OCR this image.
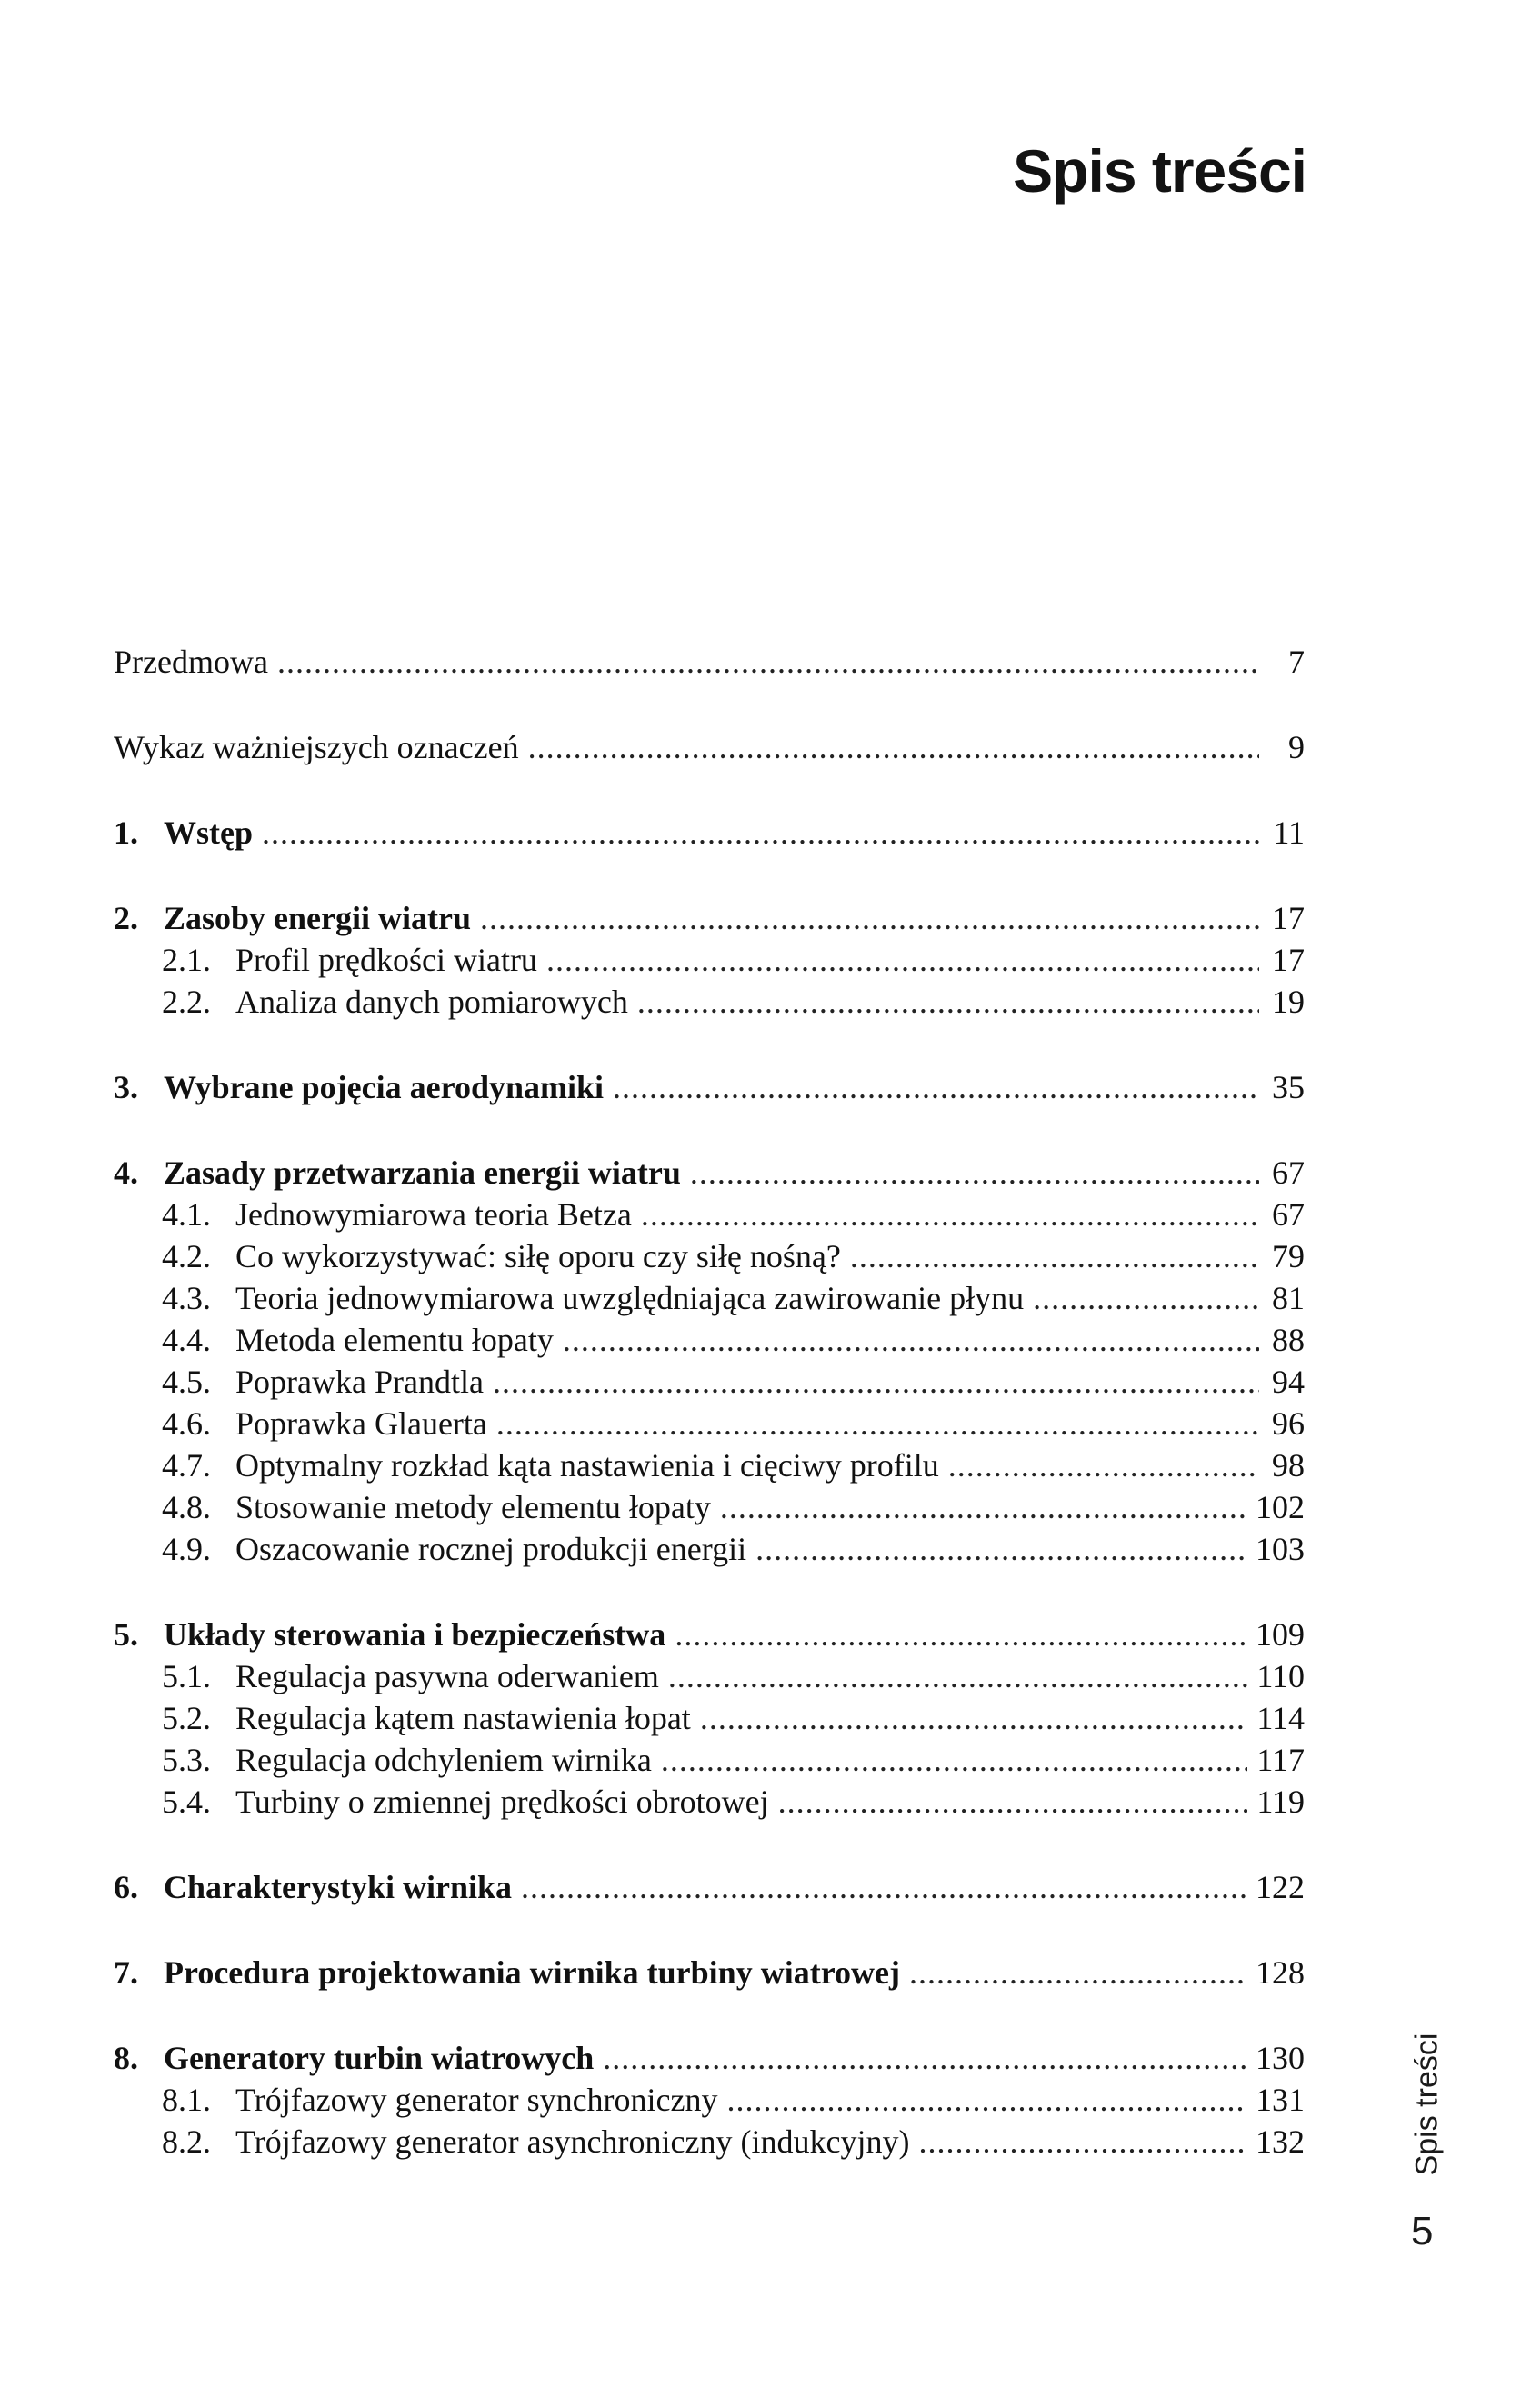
Spis treści
Przedmowa .....	7
Wykaz ważniejszych oznaczeń .....	9
1. Wstęp .....	11
2. Zasoby energii wiatru .....	17
2.1. Profil prędkości wiatru .....	17
2.2. Analiza danych pomiarowych .....	19
3. Wybrane pojęcia aerodynamiki .....	35
4. Zasady przetwarzania energii wiatru .....	67
4.1. Jednowymiarowa teoria Betza .....	67
4.2. Co wykorzystywać: siłę oporu czy siłę nośną? .....	79
4.3. Teoria jednowymiarowa uwzględniająca zawirowanie płynu .....	81
4.4. Metoda elementu łopaty .....	88
4.5. Poprawka Prandtla .....	94
4.6. Poprawka Glauerta .....	96
4.7. Optymalny rozkład kąta nastawienia i cięciwy profilu .....	98
4.8. Stosowanie metody elementu łopaty .....	102
4.9. Oszacowanie rocznej produkcji energii .....	103
5. Układy sterowania i bezpieczeństwa .....	109
5.1. Regulacja pasywna oderwaniem .....	110
5.2. Regulacja kątem nastawienia łopat .....	114
5.3. Regulacja odchyleniem wirnika .....	117
5.4. Turbiny o zmiennej prędkości obrotowej .....	119
6. Charakterystyki wirnika .....	122
7. Procedura projektowania wirnika turbiny wiatrowej .....	128
8. Generatory turbin wiatrowych .....	130
8.1. Trójfazowy generator synchroniczny .....	131
8.2. Trójfazowy generator asynchroniczny (indukcyjny) .....	132	Spis treści
5
